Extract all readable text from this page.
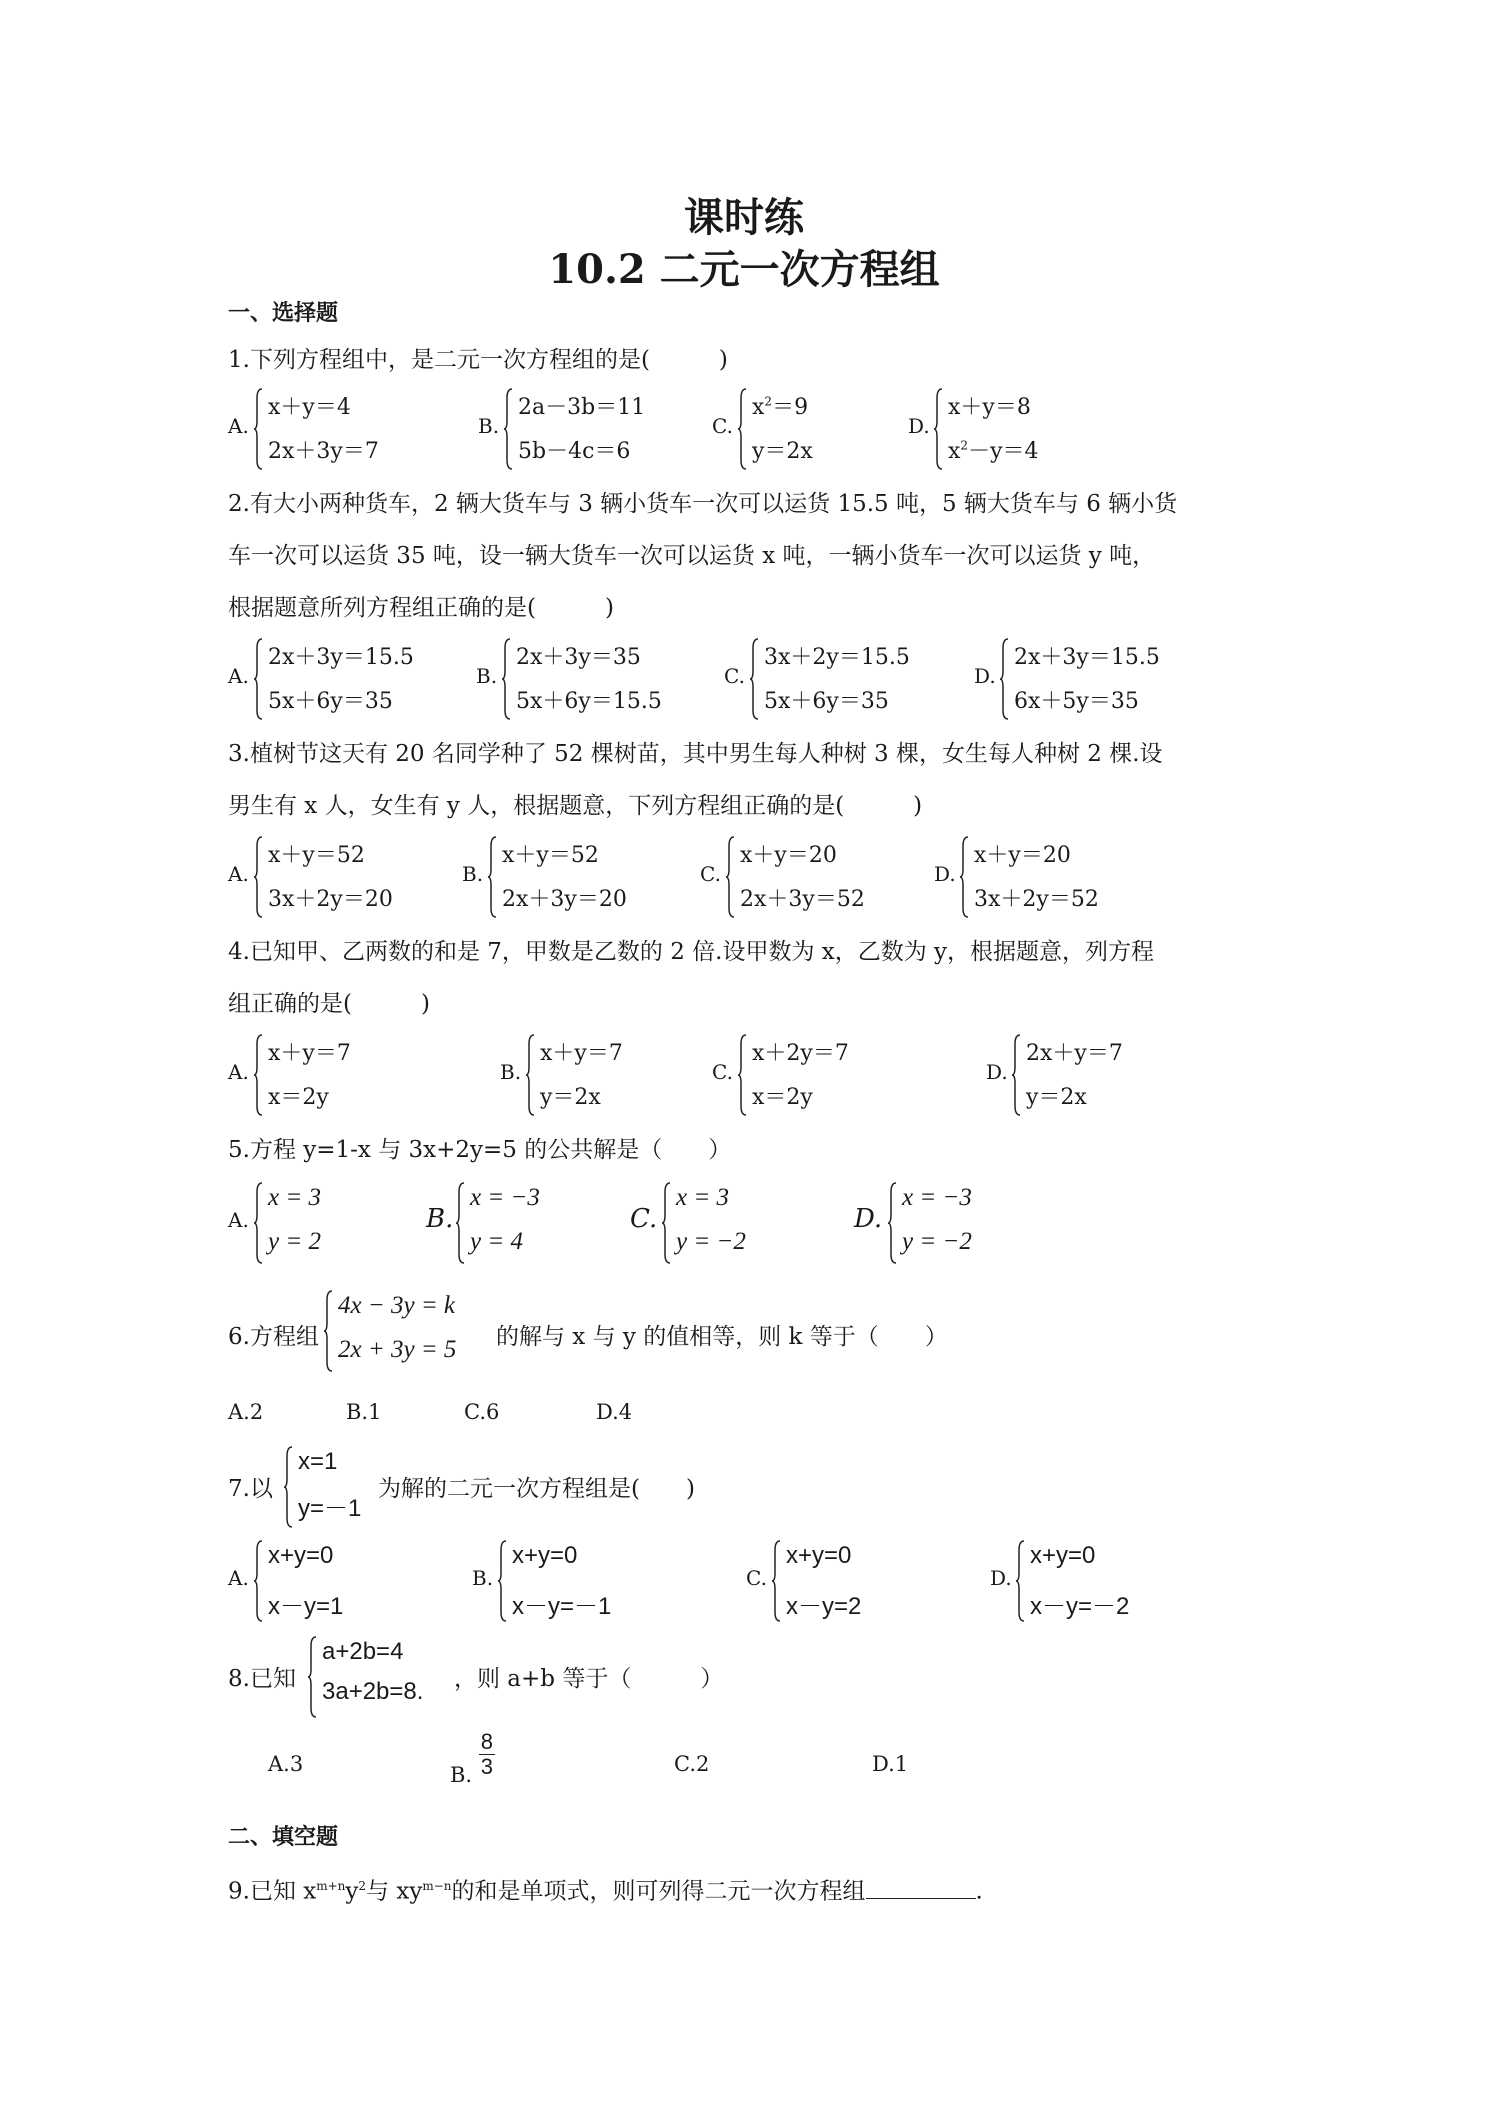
课时练
10.2 二元一次方程组
一、选择题
1.下列方程组中，是二元一次方程组的是(　　　)
A.
x＋y＝4
2x＋3y＝7
B.
2a－3b＝11
5b－4c＝6
C.
$x^2=9$
y＝2x
D.
x＋y＝8
$x^2-y=4$
2.有大小两种货车，2 辆大货车与 3 辆小货车一次可以运货 15.5 吨，5 辆大货车与 6 辆小货
车一次可以运货 35 吨，设一辆大货车一次可以运货 x 吨，一辆小货车一次可以运货 y 吨，
根据题意所列方程组正确的是(　　　)
A.
2x＋3y＝15.5
5x＋6y＝35
B.
2x＋3y＝35
5x＋6y＝15.5
C.
3x＋2y＝15.5
5x＋6y＝35
D.
2x＋3y＝15.5
6x＋5y＝35
3.植树节这天有 20 名同学种了 52 棵树苗，其中男生每人种树 3 棵，女生每人种树 2 棵.设
男生有 x 人，女生有 y 人，根据题意，下列方程组正确的是(　　　)
A.
x＋y＝52
3x＋2y＝20
B.
x＋y＝52
2x＋3y＝20
C.
x＋y＝20
2x＋3y＝52
D.
x＋y＝20
3x＋2y＝52
4.已知甲、乙两数的和是 7，甲数是乙数的 2 倍.设甲数为 x，乙数为 y，根据题意，列方程
组正确的是(　　　)
A.
x＋y＝7
x＝2y
B.
x＋y＝7
y＝2x
C.
x＋2y＝7
x＝2y
D.
2x＋y＝7
y＝2x
5.方程 y=1-x 与 3x+2y=5 的公共解是（　　）
A.
x = 3
y = 2
B.
x = −3
y = 4
C.
x = 3
y = −2
D.
x = −3
y = −2
6.方程组
4x − 3y = k
2x + 3y = 5 的解与 x 与 y 的值相等，则 k 等于（　　）
A.2	B.1	C.6	D.4
7.以
x=1
y=－1
为解的二元一次方程组是(　　)
A.
x+y=0
x－y=1
B.
x+y=0
x－y=－1
C.
x+y=0
x－y=2
D.
x+y=0
x－y=－2
8.已知
a+2b=4
3a+2b=8. ，则 a+b 等于（　　　）
A.3	B. $\frac{8}{3}$	C.2	D.1
二、填空题
9.已知 $x^{m+n}y^2$与 $xy^{m-n}$的和是单项式，则可列得二元一次方程组	.
